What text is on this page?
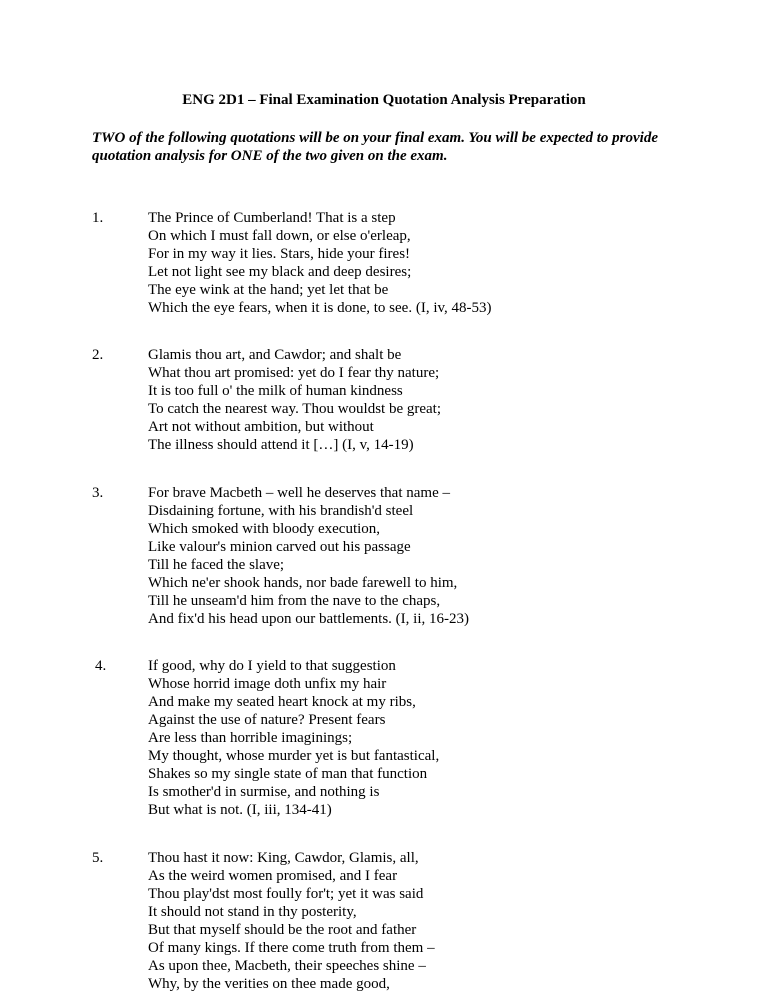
ENG 2D1 – Final Examination Quotation Analysis Preparation
TWO of the following quotations will be on your final exam. You will be expected to provide quotation analysis for ONE of the two given on the exam.
1.	The Prince of Cumberland! That is a step
On which I must fall down, or else o'erleap,
For in my way it lies. Stars, hide your fires!
Let not light see my black and deep desires;
The eye wink at the hand; yet let that be
Which the eye fears, when it is done, to see. (I, iv, 48-53)
2.	Glamis thou art, and Cawdor; and shalt be
What thou art promised: yet do I fear thy nature;
It is too full o' the milk of human kindness
To catch the nearest way. Thou wouldst be great;
Art not without ambition, but without
The illness should attend it […] (I, v, 14-19)
3.	For brave Macbeth – well he deserves that name –
Disdaining fortune, with his brandish'd steel
Which smoked with bloody execution,
Like valour's minion carved out his passage
Till he faced the slave;
Which ne'er shook hands, nor bade farewell to him,
Till he unseam'd him from the nave to the chaps,
And fix'd his head upon our battlements. (I, ii, 16-23)
4.	If good, why do I yield to that suggestion
Whose horrid image doth unfix my hair
And make my seated heart knock at my ribs,
Against the use of nature? Present fears
Are less than horrible imaginings;
My thought, whose murder yet is but fantastical,
Shakes so my single state of man that function
Is smother'd in surmise, and nothing is
But what is not. (I, iii, 134-41)
5.	Thou hast it now: King, Cawdor, Glamis, all,
As the weird women promised, and I fear
Thou play'dst most foully for't; yet it was said
It should not stand in thy posterity,
But that myself should be the root and father
Of many kings. If there come truth from them –
As upon thee, Macbeth, their speeches shine –
Why, by the verities on thee made good,
